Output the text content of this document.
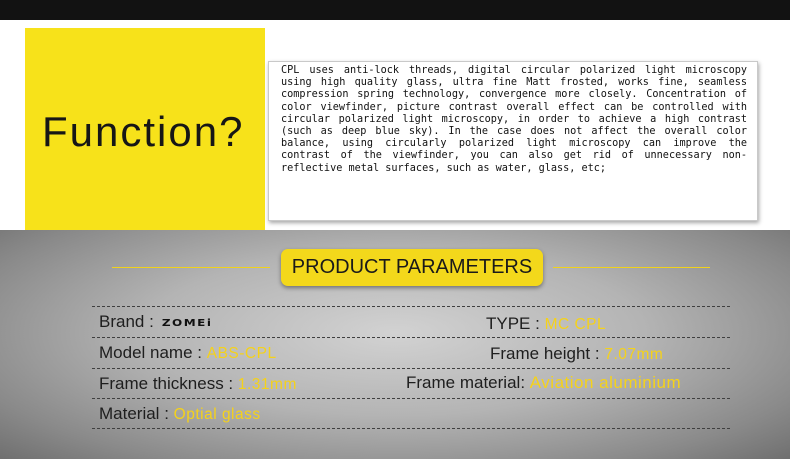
Function?
CPL uses anti-lock threads, digital circular polarized light microscopy using high quality glass, ultra fine Matt frosted, works fine, seamless compression spring technology, convergence more closely. Concentration of color viewfinder, picture contrast overall effect can be controlled with circular polarized light microscopy, in order to achieve a high contrast (such as deep blue sky). In the case does not affect the overall color balance, using circularly polarized light microscopy can improve the contrast of the viewfinder, you can also get rid of unnecessary non-reflective metal surfaces, such as water, glass, etc;
PRODUCT PARAMETERS
Brand : ZOMEi	TYPE : MC CPL
Model name : ABS-CPL	Frame height : 7.07mm
Frame thickness : 1.31mm	Frame material: Aviation aluminium
Material : Optial glass
